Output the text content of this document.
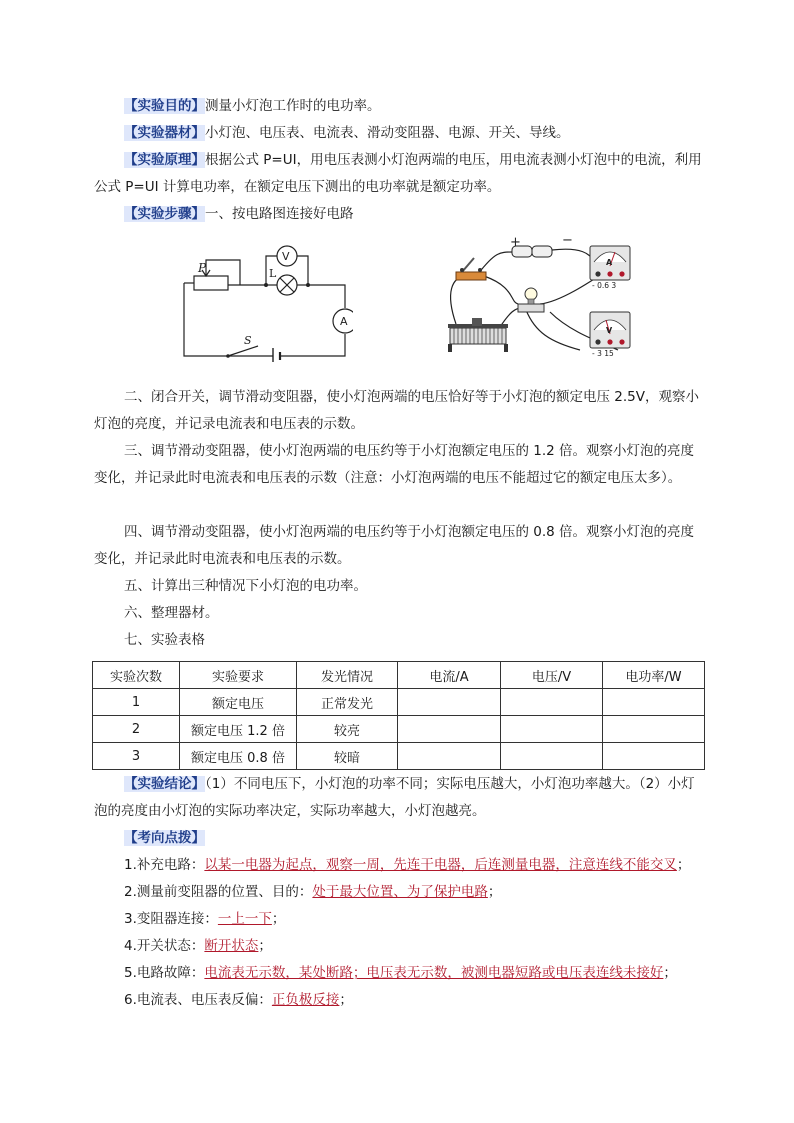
【实验目的】测量小灯泡工作时的电功率。

【实验器材】小灯泡、电压表、电流表、滑动变阻器、电源、开关、导线。

【实验原理】根据公式 P=UI，用电压表测小灯泡两端的电压，用电流表测小灯泡中的电流，利用公式 P=UI 计算电功率，在额定电压下测出的电功率就是额定功率。

【实验步骤】一、按电路图连接好电路

P	L
V
A
S
+	−
A
- 0.6 3
V
- 3 15

二、闭合开关，调节滑动变阻器，使小灯泡两端的电压恰好等于小灯泡的额定电压 2.5V，观察小灯泡的亮度，并记录电流表和电压表的示数。

三、调节滑动变阻器，使小灯泡两端的电压约等于小灯泡额定电压的 1.2 倍。观察小灯泡的亮度变化，并记录此时电流表和电压表的示数（注意：小灯泡两端的电压不能超过它的额定电压太多）。

四、调节滑动变阻器，使小灯泡两端的电压约等于小灯泡额定电压的 0.8 倍。观察小灯泡的亮度变化，并记录此时电流表和电压表的示数。

五、计算出三种情况下小灯泡的电功率。

六、整理器材。

七、实验表格

实验次数	实验要求	发光情况	电流/A	电压/V	电功率/W
1	额定电压	正常发光			
2	额定电压 1.2 倍	较亮			
3	额定电压 0.8 倍	较暗			

【实验结论】（1）不同电压下，小灯泡的功率不同；实际电压越大，小灯泡功率越大。（2）小灯泡的亮度由小灯泡的实际功率决定，实际功率越大，小灯泡越亮。

【考向点拨】

1.补充电路：以某一电器为起点，观察一周，先连干电器，后连测量电器，注意连线不能交叉；

2.测量前变阻器的位置、目的：处于最大位置、为了保护电路；

3.变阻器连接：一上一下；

4.开关状态：断开状态；

5.电路故障：电流表无示数，某处断路；电压表无示数，被测电器短路或电压表连线未接好；

6.电流表、电压表反偏：正负极反接；
